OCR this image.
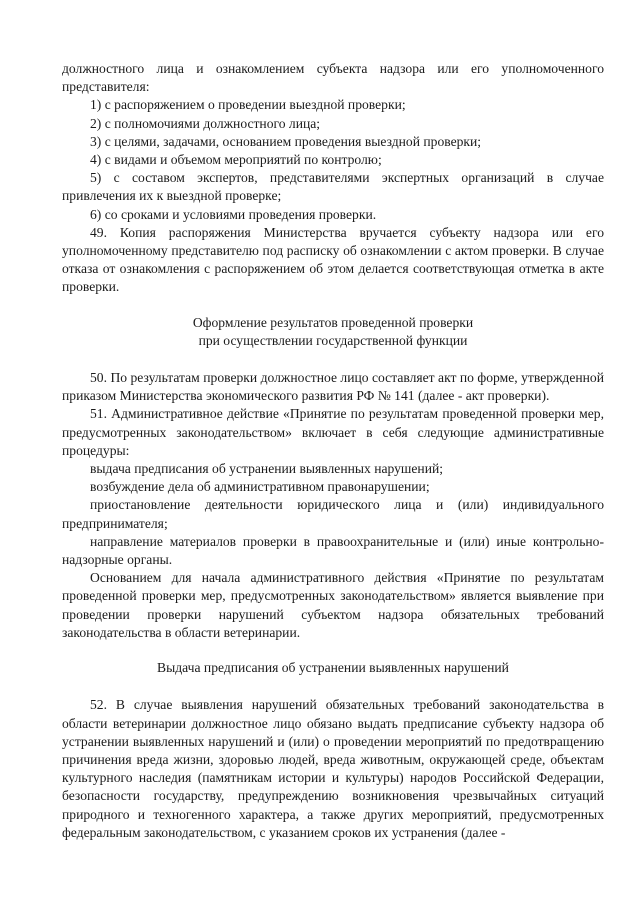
должностного лица и ознакомлением субъекта надзора или его уполномоченного представителя:

1) с распоряжением о проведении выездной проверки;

2) с полномочиями должностного лица;

3) с целями, задачами, основанием проведения выездной проверки;

4) с видами и объемом мероприятий по контролю;

5) с составом экспертов, представителями экспертных организаций в случае привлечения их к выездной проверке;

6) со сроками и условиями проведения проверки.

49. Копия распоряжения Министерства вручается субъекту надзора или его уполномоченному представителю под расписку об ознакомлении с актом проверки. В случае отказа от ознакомления с распоряжением об этом делается соответствующая отметка в акте проверки.

Оформление результатов проведенной проверки

при осуществлении государственной функции

50. По результатам проверки должностное лицо составляет акт по форме, утвержденной приказом Министерства экономического развития РФ № 141 (далее - акт проверки).

51. Административное действие «Принятие по результатам проведенной проверки мер, предусмотренных законодательством» включает в себя следующие административные процедуры:

выдача предписания об устранении выявленных нарушений;

возбуждение дела об административном правонарушении;

приостановление деятельности юридического лица и (или) индивидуального предпринимателя;

направление материалов проверки в правоохранительные и (или) иные контрольно-надзорные органы.

Основанием для начала административного действия «Принятие по результатам проведенной проверки мер, предусмотренных законодательством» является выявление при проведении проверки нарушений субъектом надзора обязательных требований законодательства в области ветеринарии.

Выдача предписания об устранении выявленных нарушений

52. В случае выявления нарушений обязательных требований законодательства в области ветеринарии должностное лицо обязано выдать предписание субъекту надзора об устранении выявленных нарушений и (или) о проведении мероприятий по предотвращению причинения вреда жизни, здоровью людей, вреда животным, окружающей среде, объектам культурного наследия (памятникам истории и культуры) народов Российской Федерации, безопасности государству, предупреждению возникновения чрезвычайных ситуаций природного и техногенного характера, а также других мероприятий, предусмотренных федеральным законодательством, с указанием сроков их устранения (далее -
